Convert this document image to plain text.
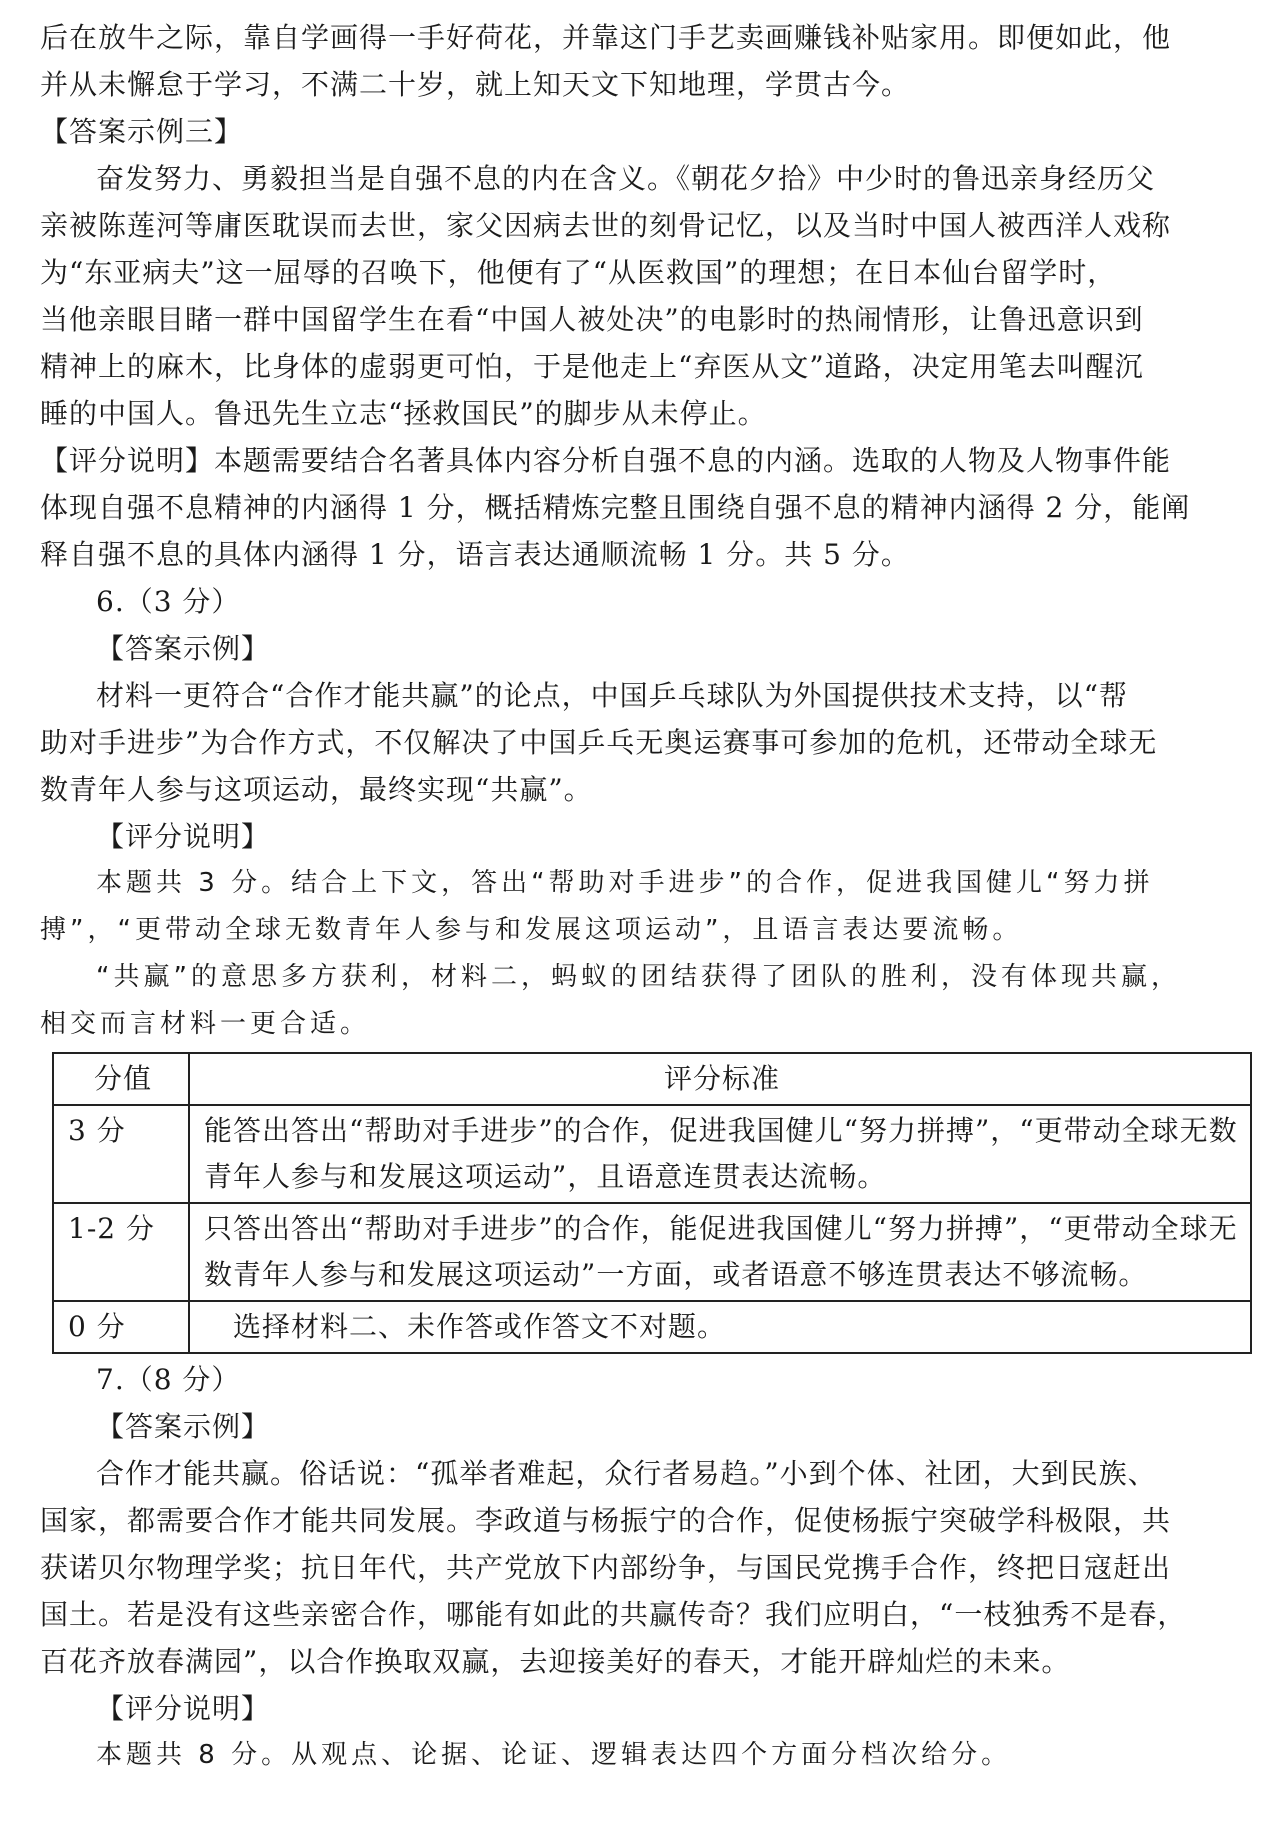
后在放牛之际，靠自学画得一手好荷花，并靠这门手艺卖画赚钱补贴家用。即便如此，他
并从未懈怠于学习，不满二十岁，就上知天文下知地理，学贯古今。
【答案示例三】
奋发努力、勇毅担当是自强不息的内在含义。《朝花夕拾》中少时的鲁迅亲身经历父
亲被陈莲河等庸医耽误而去世，家父因病去世的刻骨记忆，以及当时中国人被西洋人戏称
为“东亚病夫”这一屈辱的召唤下，他便有了“从医救国”的理想；在日本仙台留学时，
当他亲眼目睹一群中国留学生在看“中国人被处决”的电影时的热闹情形，让鲁迅意识到
精神上的麻木，比身体的虚弱更可怕，于是他走上“弃医从文”道路，决定用笔去叫醒沉
睡的中国人。鲁迅先生立志“拯救国民”的脚步从未停止。
【评分说明】本题需要结合名著具体内容分析自强不息的内涵。选取的人物及人物事件能
体现自强不息精神的内涵得 1 分，概括精炼完整且围绕自强不息的精神内涵得 2 分，能阐
释自强不息的具体内涵得 1 分，语言表达通顺流畅 1 分。共 5 分。
6.（3 分）
【答案示例】
材料一更符合“合作才能共赢”的论点，中国乒乓球队为外国提供技术支持，以“帮
助对手进步”为合作方式，不仅解决了中国乒乓无奥运赛事可参加的危机，还带动全球无
数青年人参与这项运动，最终实现“共赢”。
【评分说明】
本题共 3 分。结合上下文，答出“帮助对手进步”的合作，促进我国健儿“努力拼
搏”，“更带动全球无数青年人参与和发展这项运动”，且语言表达要流畅。
“共赢”的意思多方获利，材料二，蚂蚁的团结获得了团队的胜利，没有体现共赢，
相交而言材料一更合适。
分值	评分标准
3 分	能答出答出“帮助对手进步”的合作，促进我国健儿“努力拼搏”，“更带动全球无数青年人参与和发展这项运动”，且语意连贯表达流畅。
1-2 分	只答出答出“帮助对手进步”的合作，能促进我国健儿“努力拼搏”，“更带动全球无数青年人参与和发展这项运动”一方面，或者语意不够连贯表达不够流畅。
0 分	　选择材料二、未作答或作答文不对题。
7.（8 分）
【答案示例】
合作才能共赢。俗话说：“孤举者难起，众行者易趋。”小到个体、社团，大到民族、
国家，都需要合作才能共同发展。李政道与杨振宁的合作，促使杨振宁突破学科极限，共
获诺贝尔物理学奖；抗日年代，共产党放下内部纷争，与国民党携手合作，终把日寇赶出
国土。若是没有这些亲密合作，哪能有如此的共赢传奇？我们应明白，“一枝独秀不是春，
百花齐放春满园”，以合作换取双赢，去迎接美好的春天，才能开辟灿烂的未来。
【评分说明】
本题共 8 分。从观点、论据、论证、逻辑表达四个方面分档次给分。
